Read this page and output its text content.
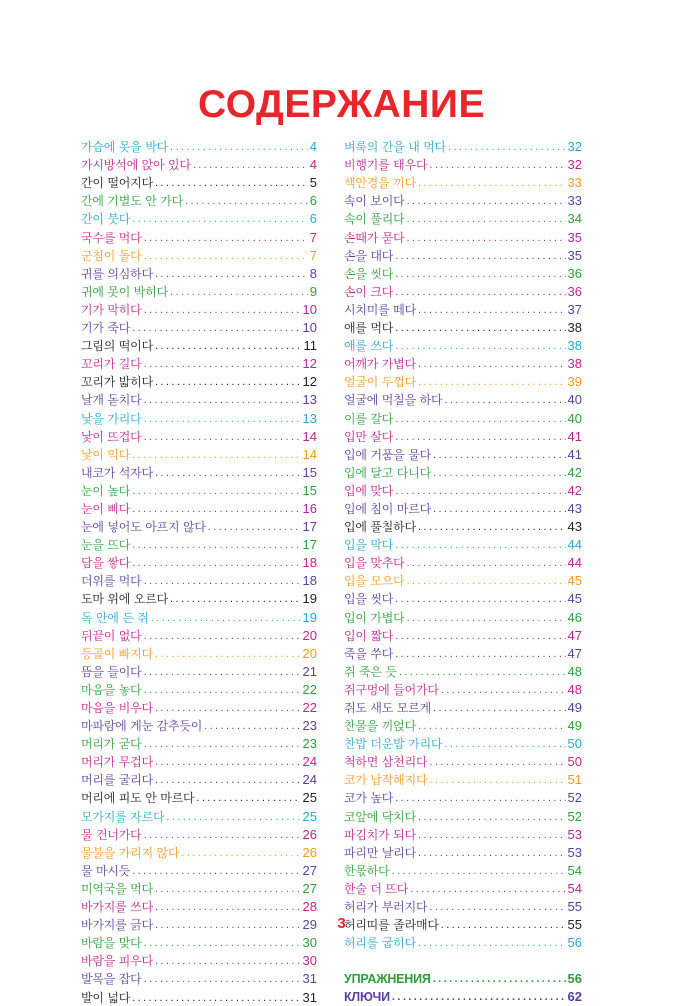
СОДЕРЖАНИЕ
가슴에 못을 박다 .....	4
가시방석에 앉아 있다 .....	4
간이 떨어지다 .....	5
간에 기별도 안 가다 .....	6
간이 붓다 .....	6
국수를 먹다 .....	7
군침이 돌다 .....	7
귀를 의심하다 .....	8
귀에 못이 박히다 .....	9
기가 막히다 .....	10
기가 죽다 .....	10
그림의 떡이다 .....	11
꼬리가 길다 .....	12
꼬리가 밟히다 .....	12
날개 돋치다 .....	13
낯을 가리다 .....	13
낯이 뜨겁다 .....	14
낯이 익다 .....	14
내코가 석자다 .....	15
눈이 높다 .....	15
눈이 삐다 .....	16
눈에 넣어도 아프지 않다 .....	17
눈을 뜨다 .....	17
담을 쌓다 .....	18
더위를 먹다 .....	18
도마 위에 오르다 .....	19
독 안에 든 쥐 .....	19
뒤끝이 없다 .....	20
등골이 빠지다 .....	20
뜸을 들이다 .....	21
마음을 놓다 .....	22
마음을 비우다 .....	22
마파람에 게눈 감추듯이 .....	23
머리가 굳다 .....	23
머리가 무겁다 .....	24
머리를 굴리다 .....	24
머리에 피도 안 마르다 .....	25
모가지를 자르다 .....	25
물 건너가다 .....	26
물불을 가리지 않다 .....	26
물 마시듯 .....	27
미역국을 먹다 .....	27
바가지를 쓰다 .....	28
바가지를 긁다 .....	29
바람을 맞다 .....	30
바람을 피우다 .....	30
발목을 잡다 .....	31
발이 넓다 .....	31
벼룩의 간을 내 먹다 .....	32
비행기를 태우다 .....	32
색안경을 끼다 .....	33
속이 보이다 .....	33
속이 풀리다 .....	34
손때가 묻다 .....	35
손을 대다 .....	35
손을 씻다 .....	36
손이 크다 .....	36
시치미를 떼다 .....	37
애를 먹다 .....	38
애를 쓰다 .....	38
어깨가 가볍다 .....	38
얼굴이 두껍다 .....	39
얼굴에 먹칠을 하다 .....	40
이를 갈다 .....	40
입만 살다 .....	41
입에 거품을 물다 .....	41
입에 달고 다니다 .....	42
입에 맞다 .....	42
입에 침이 마르다 .....	43
입에 풀칠하다 .....	43
입을 막다 .....	44
입을 맞추다 .....	44
입을 모으다 .....	45
입을 씻다 .....	45
입이 가볍다 .....	46
입이 짧다 .....	47
죽을 쑤다 .....	47
쥐 죽은 듯 .....	48
쥐구멍에 들어가다 .....	48
쥐도 새도 모르게 .....	49
찬물을 끼얹다 .....	49
찬밥 더운밥 가리다 .....	50
척하면 삼천리다 .....	50
코가 납작해지다 .....	51
코가 높다 .....	52
코앞에 닥치다 .....	52
파김치가 되다 .....	53
파리만 날리다 .....	53
한몫하다 .....	54
한술 더 뜨다 .....	54
허리가 부러지다 .....	55
허리띠를 졸라매다 .....	55
허리를 굽히다 .....	56
УПРАЖНЕНИЯ .....	56
КЛЮЧИ .....	62
3
